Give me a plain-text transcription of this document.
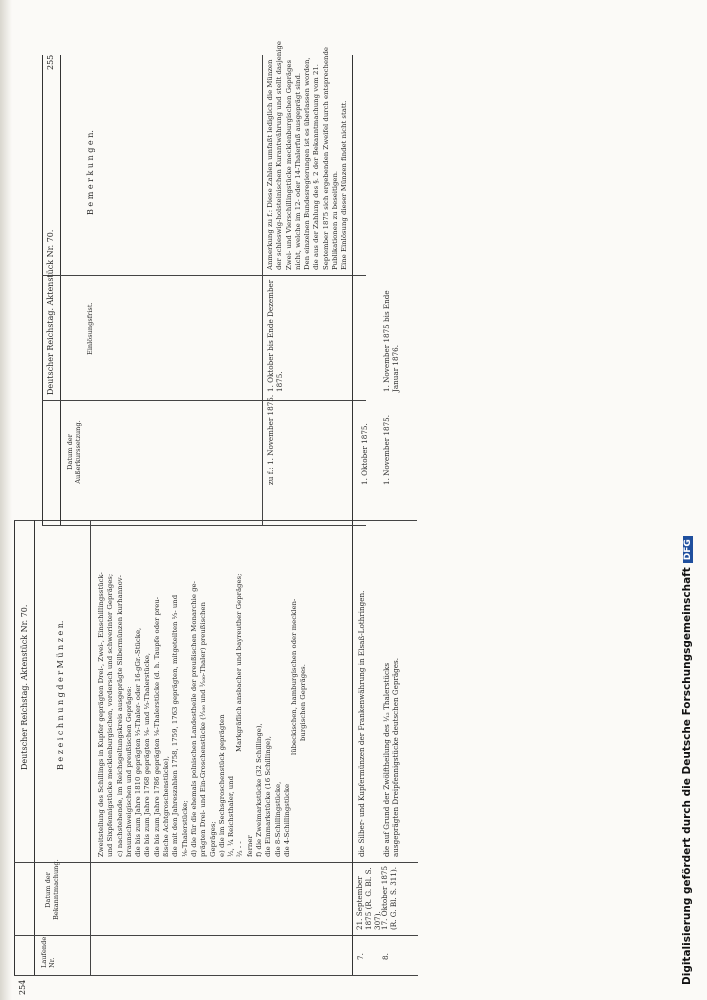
254
Deutscher Reichstag. Aktenstück Nr. 70.
Laufende Nr.
Datum der Bekanntmachung.
B e z e i c h n u n g d e r M ü n z e n.	Zweitstellung des Schillings in Kupfer geprägten Drei-, Zwei-, Einschillingsstück- und Sixpfennigstücke mecklenburgischen, vordersch und schwerinter Gepräges; c) nachstehende, im Reichsgeltungskreis ausgeprägte Silbermünzen kurhannov- braunschweigischen und preußischen Gepräges: die bis zum Jahre 1810 geprägten ⅓-Thaler- oder 16-gGr.-Stücke, die bis zum Jahre 1768 geprägten ⅙- und ⅓-Thalerstücke, die bis zum Jahre 1786 geprägten ⅙-Thalerstücke (d. h. Taupfe oder preu- ßische Achtgroschenstücke), die mit den Jahreszahlen 1758, 1759, 1763 geprägten, mitgeteilten ⅓- und ⅙-Thalerstücke; d) die für die ehemals polnischen Landestheile der preußischen Monarchie ge- prägten Drei- und Ein-Groschenstücke (¹⁄₁₀₀ und ¹⁄₁₀₀-Thaler) preußischen Gepräges; e) die im Sechsgroschenstück geprägten ¹⁄₂, ¹⁄₄ Reichsthaler, und ²⁄₃ - - ferner f) die Zweimarkstücke (32 Schillinge), die Einmarkstücke (16 Schillinge), die 8-Schillingstücke, die 4-Schillingstücke
Markgräflich ansbacher und bayreuther Gepräges;	lübeckischen, hamburgischen oder mecklen- burgischen Gepräges.
7.
21. September 1875 (R. G. Bl. S. 307).
die Silber- und Kupfermünzen der Frankenwährung in Elsaß-Lothringen.
8.
17. Oktober 1875 (R. G. Bl. S. 311).
die auf Grund der Zwölftheilung des ¹⁄₁₂ Thalerstücks ausgeprägten Dreipfennigstücke deutschen Gepräges.
255
Deutscher Reichstag. Aktenstück Nr. 70.
Datum der Außerkurssetzung.
Einlösungsfrist.
B e m e r k u n g e n.
zu f.: 1. November 1875.
1. Oktober bis Ende Dezember 1875.
Anmerkung zu f.: Diese Zahlen umfaßt lediglich die Münzen der schleswig-holsteinischen Kurantwährung und stellt dasjenige Zwei- und Vierschillingstücke mecklenburgischen Gepräges nicht, welche im 12- oder 14-Thalerfuß ausgeprägt sind. Den einzelnen Bundesregierungen ist es überlassen worden, die aus der Zahlung des §. 2 der Bekanntmachung vom 21. September 1875 sich ergebenden Zweifel durch entsprechende Publikationen zu beseitigen. Eine Einlösung dieser Münzen findet nicht statt.
1. Oktober 1875. 1. November 1875.
1. November 1875 bis Ende Januar 1876.
Digitalisierung gefördert durch die Deutsche ForschungsgemeinschaftDFG
